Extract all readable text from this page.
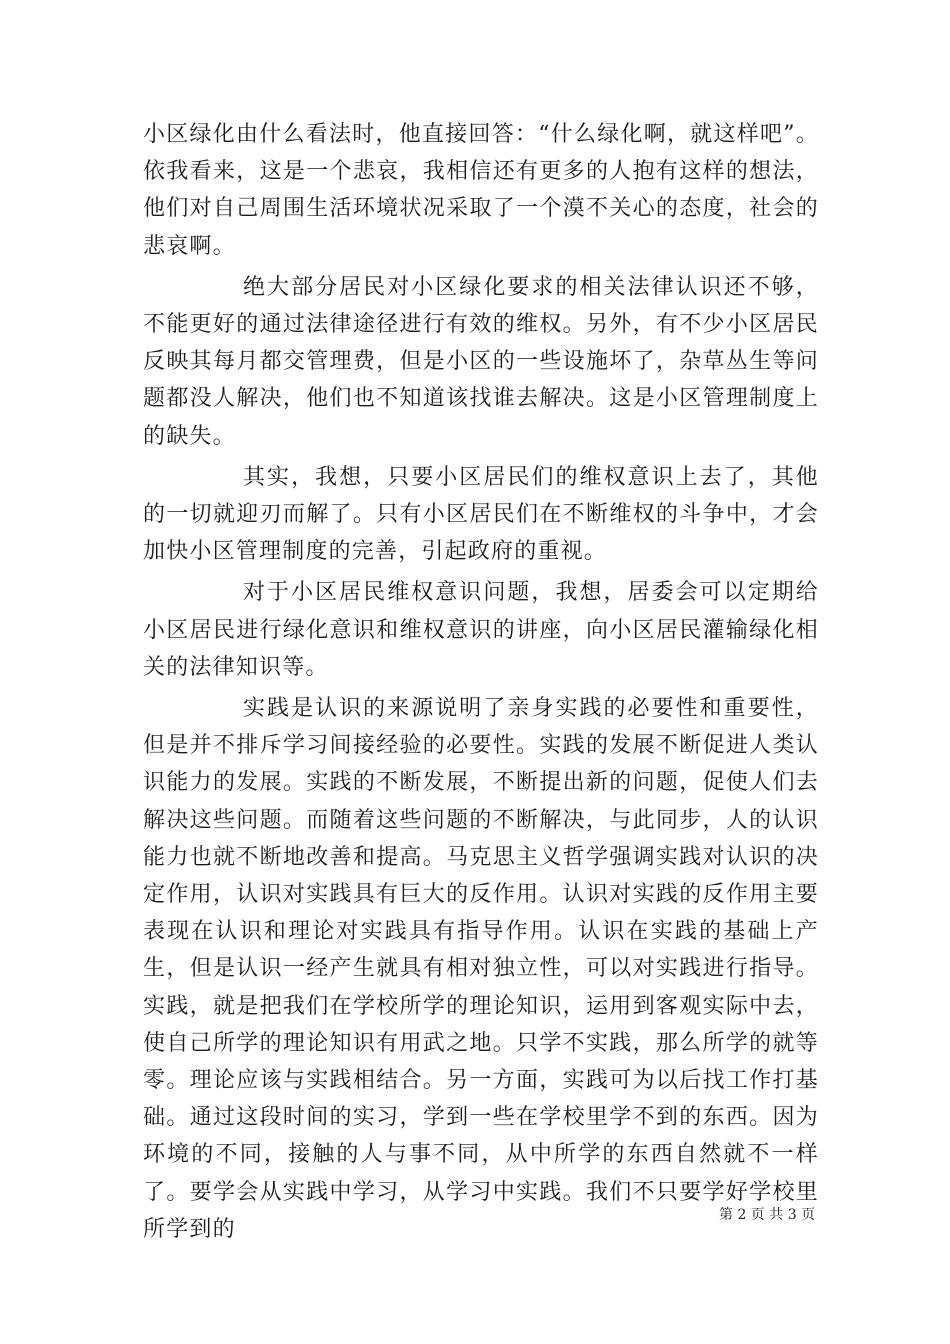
小区绿化由什么看法时，他直接回答：“什么绿化啊，就这样吧”。依我看来，这是一个悲哀，我相信还有更多的人抱有这样的想法，他们对自己周围生活环境状况采取了一个漠不关心的态度，社会的悲哀啊。

绝大部分居民对小区绿化要求的相关法律认识还不够，不能更好的通过法律途径进行有效的维权。另外，有不少小区居民反映其每月都交管理费，但是小区的一些设施坏了，杂草丛生等问题都没人解决，他们也不知道该找谁去解决。这是小区管理制度上的缺失。

其实，我想，只要小区居民们的维权意识上去了，其他的一切就迎刃而解了。只有小区居民们在不断维权的斗争中，才会加快小区管理制度的完善，引起政府的重视。

对于小区居民维权意识问题，我想，居委会可以定期给小区居民进行绿化意识和维权意识的讲座，向小区居民灌输绿化相关的法律知识等。

实践是认识的来源说明了亲身实践的必要性和重要性，但是并不排斥学习间接经验的必要性。实践的发展不断促进人类认识能力的发展。实践的不断发展，不断提出新的问题，促使人们去解决这些问题。而随着这些问题的不断解决，与此同步，人的认识能力也就不断地改善和提高。马克思主义哲学强调实践对认识的决定作用，认识对实践具有巨大的反作用。认识对实践的反作用主要表现在认识和理论对实践具有指导作用。认识在实践的基础上产生，但是认识一经产生就具有相对独立性，可以对实践进行指导。实践，就是把我们在学校所学的理论知识，运用到客观实际中去，使自己所学的理论知识有用武之地。只学不实践，那么所学的就等零。理论应该与实践相结合。另一方面，实践可为以后找工作打基础。通过这段时间的实习，学到一些在学校里学不到的东西。因为环境的不同，接触的人与事不同，从中所学的东西自然就不一样了。要学会从实践中学习，从学习中实践。我们不只要学好学校里所学到的

第 2 页 共 3 页
